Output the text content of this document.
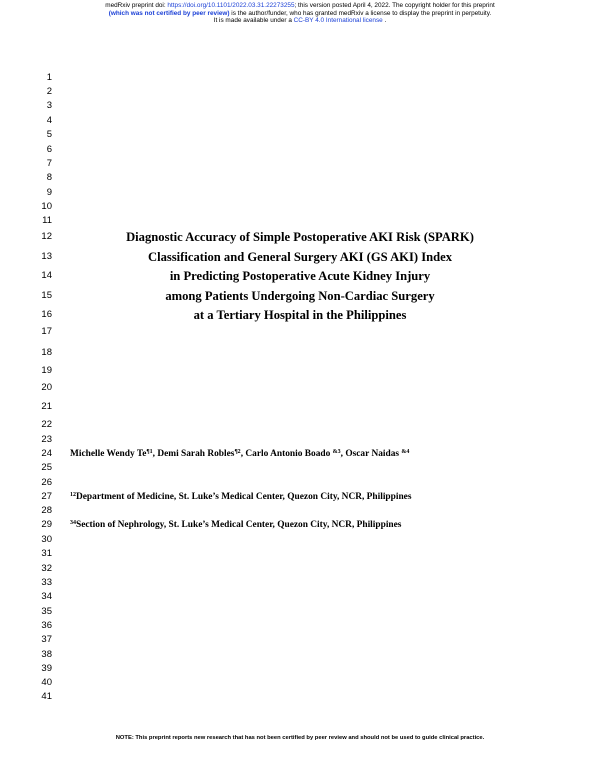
medRxiv preprint doi: https://doi.org/10.1101/2022.03.31.22273255; this version posted April 4, 2022. The copyright holder for this preprint
(which was not certified by peer review) is the author/funder, who has granted medRxiv a license to display the preprint in perpetuity.
It is made available under a CC-BY 4.0 International license .
1
2
3
4
5
6
7
8
9
10
11
12
13
14
15
16
17
18
19
20
21
22
23
24
25
26
27
28
29
30
31
32
33
34
35
36
37
38
39
40
41
Diagnostic Accuracy of Simple Postoperative AKI Risk (SPARK)
Classification and General Surgery AKI (GS AKI) Index
in Predicting Postoperative Acute Kidney Injury
among Patients Undergoing Non-Cardiac Surgery
at a Tertiary Hospital in the Philippines
Michelle Wendy Te$^{\P 1}$, Demi Sarah Robles$^{\P 2}$, Carlo Antonio Boado $^{\&3}$, Oscar Naidas $^{\&4}$
$^{12}$Department of Medicine, St. Luke’s Medical Center, Quezon City, NCR, Philippines
$^{34}$Section of Nephrology, St. Luke’s Medical Center, Quezon City, NCR, Philippines
NOTE: This preprint reports new research that has not been certified by peer review and should not be used to guide clinical practice.
